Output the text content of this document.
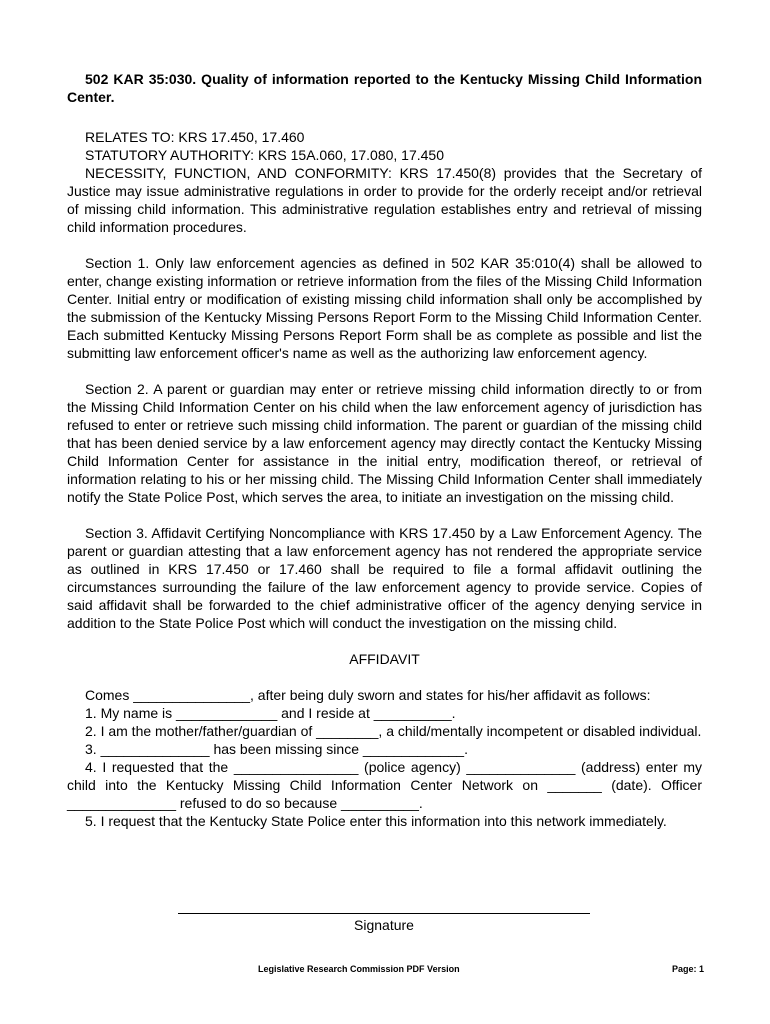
502 KAR 35:030. Quality of information reported to the Kentucky Missing Child Information Center.

RELATES TO: KRS 17.450, 17.460

STATUTORY AUTHORITY: KRS 15A.060, 17.080, 17.450

NECESSITY, FUNCTION, AND CONFORMITY: KRS 17.450(8) provides that the Secretary of Justice may issue administrative regulations in order to provide for the orderly receipt and/or retrieval of missing child information. This administrative regulation establishes entry and retrieval of missing child information procedures.

Section 1. Only law enforcement agencies as defined in 502 KAR 35:010(4) shall be allowed to enter, change existing information or retrieve information from the files of the Missing Child Information Center. Initial entry or modification of existing missing child information shall only be accomplished by the submission of the Kentucky Missing Persons Report Form to the Missing Child Information Center. Each submitted Kentucky Missing Persons Report Form shall be as complete as possible and list the submitting law enforcement officer's name as well as the authorizing law enforcement agency.

Section 2. A parent or guardian may enter or retrieve missing child information directly to or from the Missing Child Information Center on his child when the law enforcement agency of jurisdiction has refused to enter or retrieve such missing child information. The parent or guardian of the missing child that has been denied service by a law enforcement agency may directly contact the Kentucky Missing Child Information Center for assistance in the initial entry, modification thereof, or retrieval of information relating to his or her missing child. The Missing Child Information Center shall immediately notify the State Police Post, which serves the area, to initiate an investigation on the missing child.

Section 3. Affidavit Certifying Noncompliance with KRS 17.450 by a Law Enforcement Agency. The parent or guardian attesting that a law enforcement agency has not rendered the appropriate service as outlined in KRS 17.450 or 17.460 shall be required to file a formal affidavit outlining the circumstances surrounding the failure of the law enforcement agency to provide service. Copies of said affidavit shall be forwarded to the chief administrative officer of the agency denying service in addition to the State Police Post which will conduct the investigation on the missing child.

AFFIDAVIT

Comes _______________, after being duly sworn and states for his/her affidavit as follows:

1. My name is _____________ and I reside at __________.

2. I am the mother/father/guardian of ________, a child/mentally incompetent or disabled individual.

3. ______________ has been missing since _____________.

4. I requested that the ________________ (police agency) ______________ (address) enter my child into the Kentucky Missing Child Information Center Network on _______ (date). Officer ______________ refused to do so because __________.

5. I request that the Kentucky State Police enter this information into this network immediately.

Signature
Legislative Research Commission PDF Version	Page: 1
